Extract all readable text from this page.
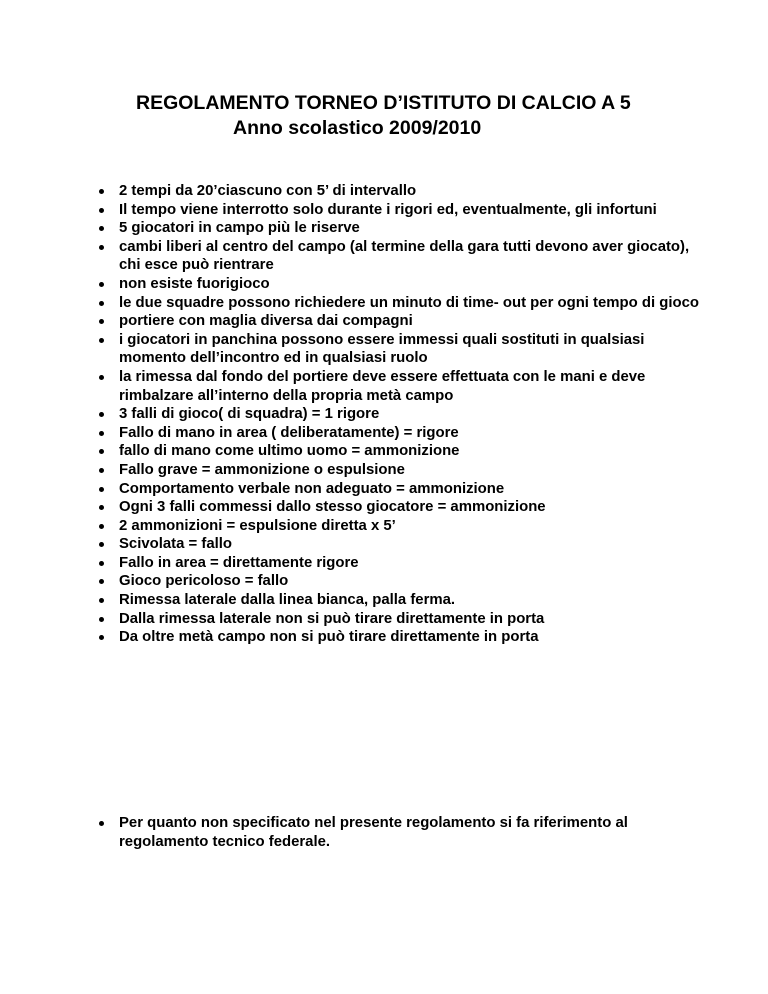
REGOLAMENTO TORNEO D’ISTITUTO DI CALCIO A 5
Anno scolastico 2009/2010
2 tempi da 20’ciascuno con 5’ di intervallo
Il tempo viene interrotto solo durante i rigori ed, eventualmente, gli infortuni
5 giocatori in campo più le riserve
cambi liberi al centro del campo (al termine della gara tutti devono aver giocato), chi esce può rientrare
non esiste fuorigioco
le due squadre possono richiedere un minuto di time- out per ogni tempo di gioco
portiere con maglia diversa dai compagni
i giocatori in panchina possono essere immessi quali sostituti in qualsiasi momento dell’incontro ed in qualsiasi ruolo
la rimessa dal fondo del portiere deve essere effettuata con le mani e deve rimbalzare all’interno della propria metà campo
3 falli di gioco( di squadra) = 1 rigore
Fallo di mano in area ( deliberatamente) = rigore
fallo di mano come ultimo uomo = ammonizione
Fallo grave = ammonizione o espulsione
Comportamento verbale non adeguato = ammonizione
Ogni 3 falli commessi dallo stesso giocatore = ammonizione
2 ammonizioni = espulsione diretta x 5’
Scivolata = fallo
Fallo in area = direttamente rigore
Gioco pericoloso = fallo
Rimessa laterale dalla linea bianca, palla ferma.
Dalla rimessa laterale non si può tirare direttamente in porta
Da oltre metà campo non si può tirare direttamente in porta
Per quanto non specificato nel presente regolamento si fa riferimento al regolamento tecnico federale.
